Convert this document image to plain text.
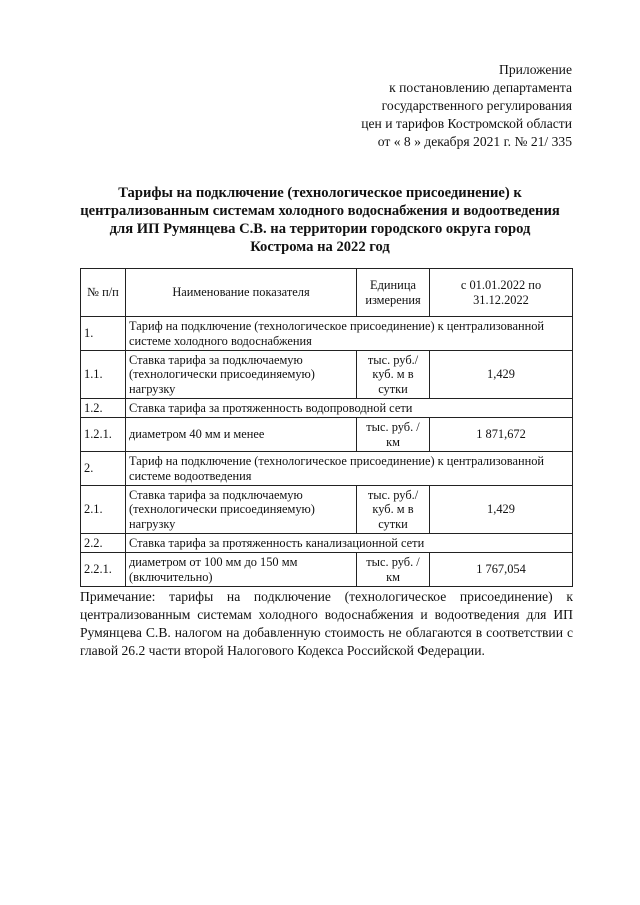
Приложение
к постановлению департамента
государственного регулирования
цен и тарифов Костромской области
от « 8 » декабря 2021 г. № 21/ 335
Тарифы на подключение (технологическое присоединение) к централизованным системам холодного водоснабжения и водоотведения для ИП Румянцева С.В. на территории городского округа город Кострома на 2022 год
№ п/п	Наименование показателя	Единица измерения	с 01.01.2022 по 31.12.2022
1.	Тариф на подключение (технологическое присоединение) к централизованной системе холодного водоснабжения		
1.1.	Ставка тарифа за подключаемую (технологически присоединяемую) нагрузку	тыс. руб./ куб. м в сутки	1,429
1.2.	Ставка тарифа за протяженность водопроводной сети		
1.2.1.	диаметром 40 мм и менее	тыс. руб. /км	1 871,672
2.	Тариф на подключение (технологическое присоединение) к централизованной системе водоотведения		
2.1.	Ставка тарифа за подключаемую (технологически присоединяемую) нагрузку	тыс. руб./ куб. м в сутки	1,429
2.2.	Ставка тарифа за протяженность канализационной сети		
2.2.1.	диаметром от 100 мм до 150 мм (включительно)	тыс. руб. /км	1 767,054
Примечание: тарифы на подключение (технологическое присоединение) к централизованным системам холодного водоснабжения и водоотведения для ИП Румянцева С.В. налогом на добавленную стоимость не облагаются в соответствии с главой 26.2 части второй Налогового Кодекса Российской Федерации.
